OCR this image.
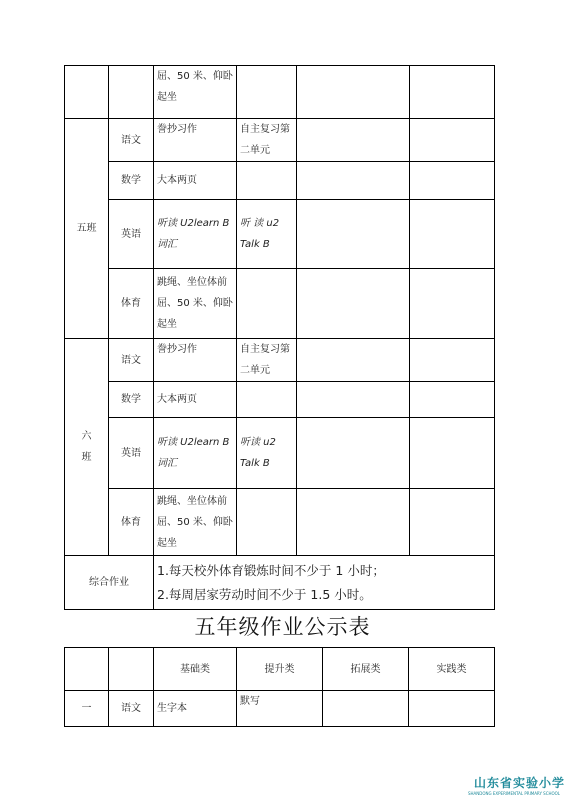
		屈、50 米、仰卧起坐			
五班	语文	誊抄习作	自主复习第二单元		
	数学	大本两页			
	英语	听读 U2learn B 词汇	听 读 u2 Talk B		
	体育	跳绳、坐位体前屈、50 米、仰卧起坐			

六
班	语文	誊抄习作	自主复习第二单元		
	数学	大本两页			
	英语	听读 U2learn B 词汇	听读 u2 Talk B		
	体育	跳绳、坐位体前屈、50 米、仰卧起坐			
综合作业		1.每天校外体育锻炼时间不少于 1 小时；
2.每周居家劳动时间不少于 1.5 小时。			
五年级作业公示表
		基础类	提升类	拓展类	实践类
一	语文	生字本	默写		
山东省实验小学
SHANDONG EXPERIMENTAL PRIMARY SCHOOL
